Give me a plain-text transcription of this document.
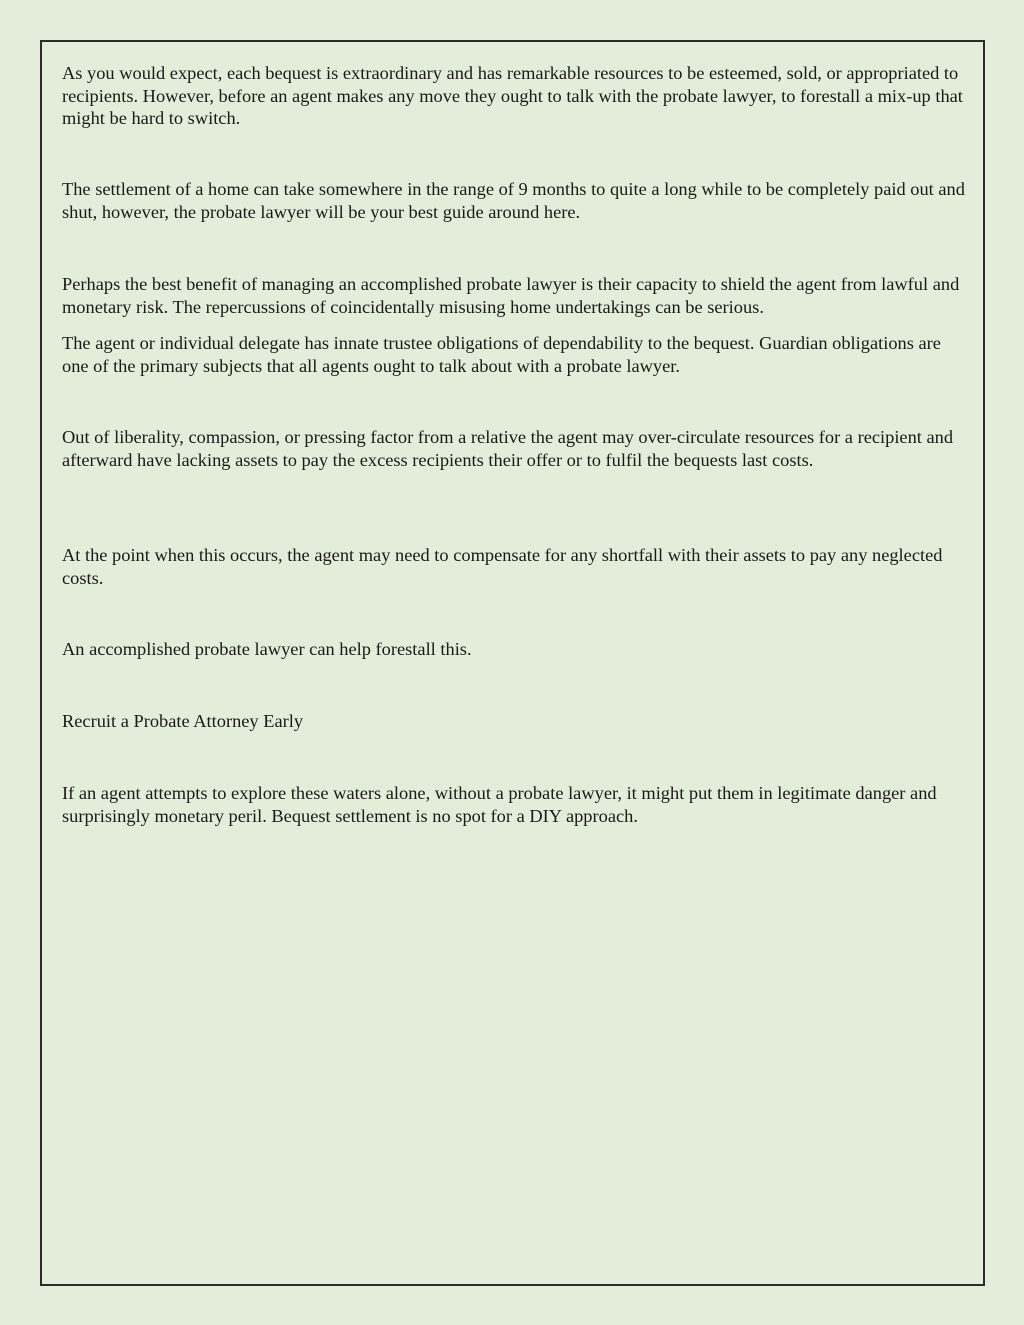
As you would expect, each bequest is extraordinary and has remarkable resources to be esteemed, sold, or appropriated to recipients. However, before an agent makes any move they ought to talk with the probate lawyer, to forestall a mix-up that might be hard to switch.

The settlement of a home can take somewhere in the range of 9 months to quite a long while to be completely paid out and shut, however, the probate lawyer will be your best guide around here.

Perhaps the best benefit of managing an accomplished probate lawyer is their capacity to shield the agent from lawful and monetary risk. The repercussions of coincidentally misusing home undertakings can be serious.

The agent or individual delegate has innate trustee obligations of dependability to the bequest. Guardian obligations are one of the primary subjects that all agents ought to talk about with a probate lawyer.

Out of liberality, compassion, or pressing factor from a relative the agent may over-circulate resources for a recipient and afterward have lacking assets to pay the excess recipients their offer or to fulfil the bequests last costs.

At the point when this occurs, the agent may need to compensate for any shortfall with their assets to pay any neglected costs.

An accomplished probate lawyer can help forestall this.

Recruit a Probate Attorney Early

If an agent attempts to explore these waters alone, without a probate lawyer, it might put them in legitimate danger and surprisingly monetary peril. Bequest settlement is no spot for a DIY approach.
